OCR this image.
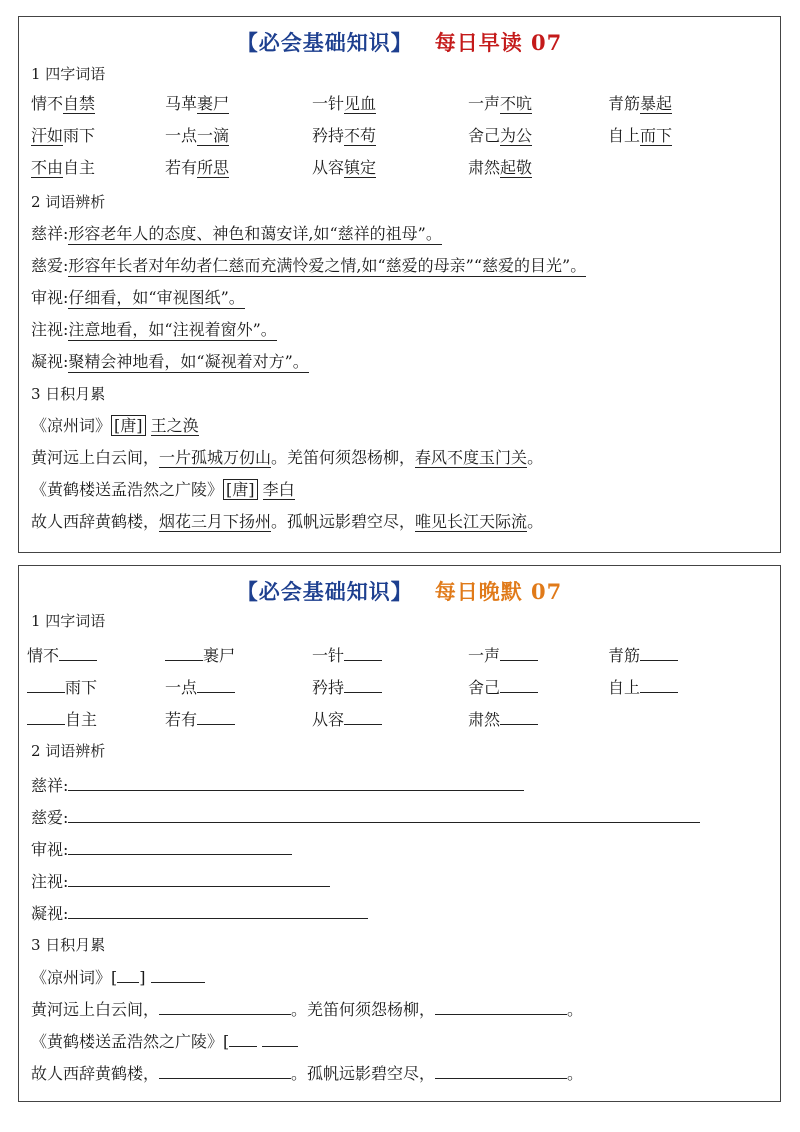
【必会基础知识】 每日早读 07
1 四字词语
情不自禁	马革裹尸	一针见血	一声不吭	青筋暴起
汗如雨下	一点一滴	矜持不苟	舍己为公	自上而下
不由自主	若有所思	从容镇定	肃然起敬
2 词语辨析
慈祥:形容老年人的态度、神色和蔼安详,如“慈祥的祖母”。
慈爱:形容年长者对年幼者仁慈而充满怜爱之情,如“慈爱的母亲”“慈爱的目光”。
审视:仔细看，如“审视图纸”。
注视:注意地看，如“注视着窗外”。
凝视:聚精会神地看，如“凝视着对方”。
3 日积月累
《凉州词》 [唐] 王之涣
黄河远上白云间，一片孤城万仞山。羌笛何须怨杨柳，春风不度玉门关。
《黄鹤楼送孟浩然之广陵》 [唐] 李白
故人西辞黄鹤楼，烟花三月下扬州。孤帆远影碧空尽，唯见长江天际流。
【必会基础知识】 每日晚默 07
1 四字词语
情不	裹尸	一针	一声	青筋
雨下	一点	矜持	舍己	自上
自主	若有	从容	肃然
2 词语辨析
慈祥:
慈爱:
审视:
注视:
凝视:
3 日积月累
《凉州词》[ ]
黄河远上白云间，	。羌笛何须怨杨柳，	。
《黄鹤楼送孟浩然之广陵》[
故人西辞黄鹤楼，	。孤帆远影碧空尽，	。
